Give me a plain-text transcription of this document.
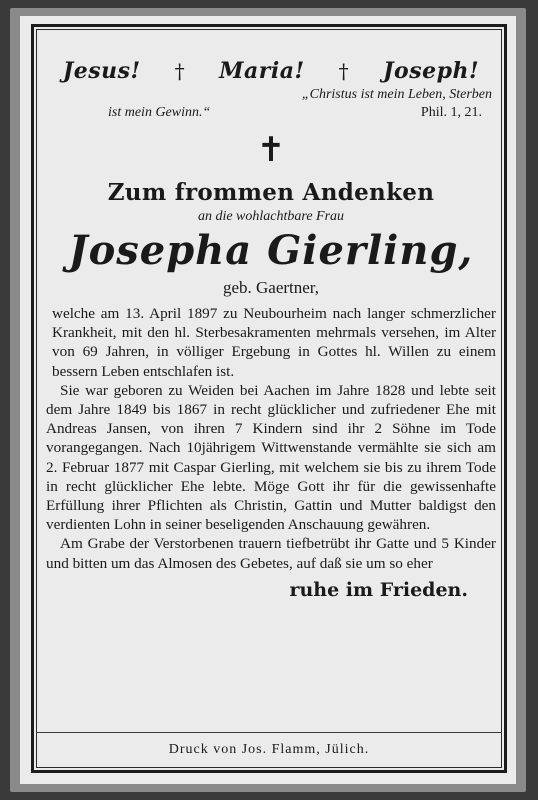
Jesus! † Maria! † Joseph!
„Christus ist mein Leben, Sterben
ist mein Gewinn.“	Phil. 1, 21.
✝
Zum frommen Andenken
an die wohlachtbare Frau
Josepha Gierling,
geb. Gaertner,

welche am 13. April 1897 zu Neubourheim nach langer schmerzlicher Krankheit, mit den hl. Sterbesakramenten mehrmals versehen, im Alter von 69 Jahren, in völliger Ergebung in Gottes hl. Willen zu einem bessern Leben entschlafen ist.

Sie war geboren zu Weiden bei Aachen im Jahre 1828 und lebte seit dem Jahre 1849 bis 1867 in recht glücklicher und zufriedener Ehe mit Andreas Jansen, von ihren 7 Kindern sind ihr 2 Söhne im Tode vorangegangen. Nach 10jährigem Wittwenstande vermählte sie sich am 2. Februar 1877 mit Caspar Gierling, mit welchem sie bis zu ihrem Tode in recht glücklicher Ehe lebte. Möge Gott ihr für die gewissenhafte Erfüllung ihrer Pflichten als Christin, Gattin und Mutter baldigst den verdienten Lohn in seiner beseligenden Anschauung gewähren.

Am Grabe der Verstorbenen trauern tiefbetrübt ihr Gatte und 5 Kinder und bitten um das Almosen des Gebetes, auf daß sie um so eher

ruhe im Frieden.
Druck von Jos. Flamm, Jülich.
